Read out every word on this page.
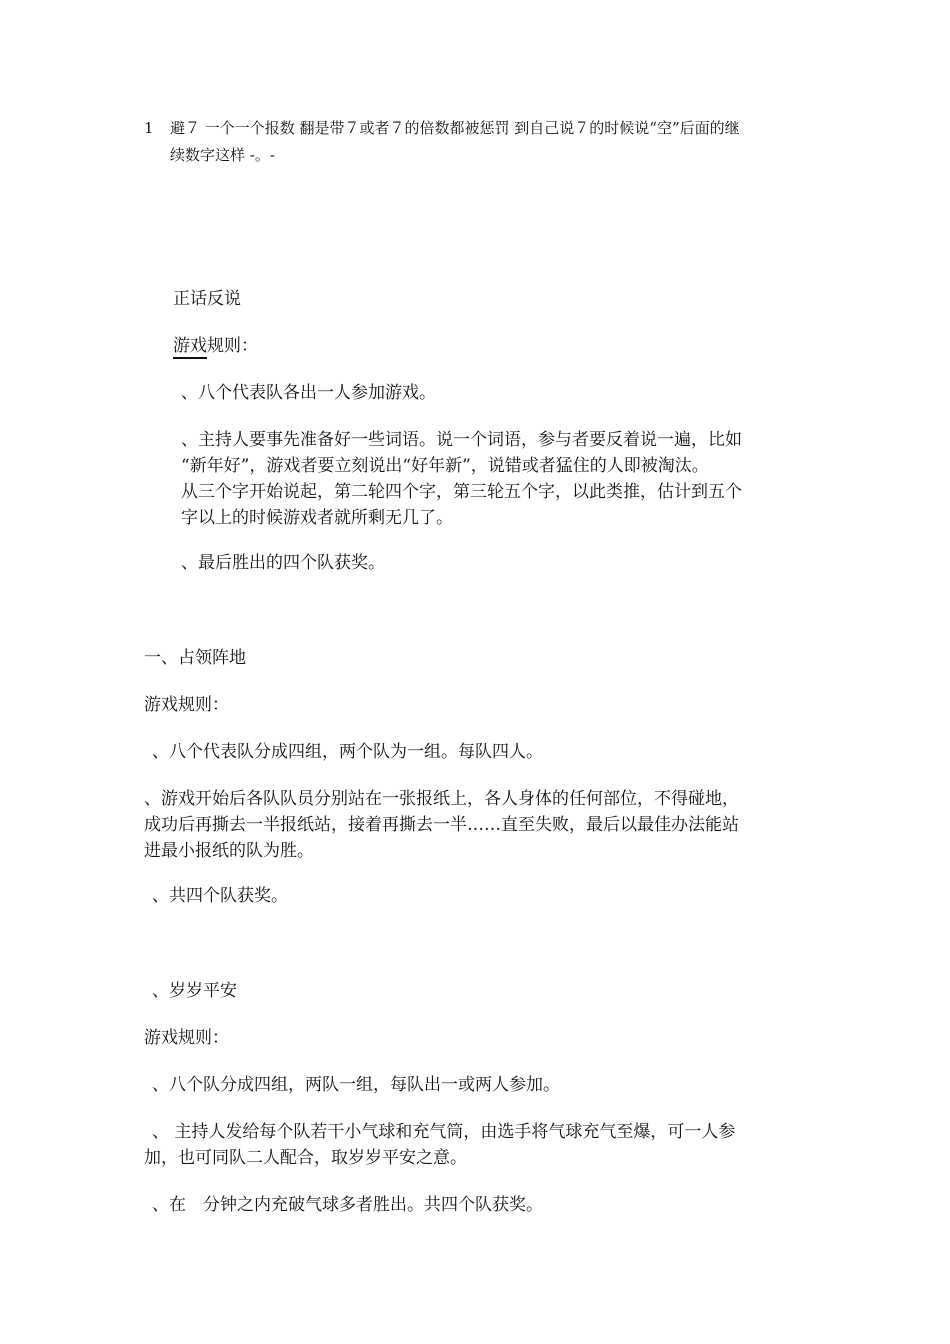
1 避７ 一个一个报数 翻是带７或者７的倍数都被惩罚 到自己说７的时候说“空”后面的继
续数字这样 -。-
正话反说
游戏规则：
、八个代表队各出一人参加游戏。
、主持人要事先准备好一些词语。说一个词语，参与者要反着说一遍，比如
“新年好”，游戏者要立刻说出“好年新”，说错或者猛住的人即被淘汰。
从三个字开始说起，第二轮四个字，第三轮五个字，以此类推，估计到五个
字以上的时候游戏者就所剩无几了。
、最后胜出的四个队获奖。
一、占领阵地
游戏规则：
、八个代表队分成四组，两个队为一组。每队四人。
、游戏开始后各队队员分别站在一张报纸上，各人身体的任何部位，不得碰地，
成功后再撕去一半报纸站，接着再撕去一半……直至失败，最后以最佳办法能站
进最小报纸的队为胜。
、共四个队获奖。
、岁岁平安
游戏规则：
、八个队分成四组，两队一组，每队出一或两人参加。
、 主持人发给每个队若干小气球和充气筒，由选手将气球充气至爆，可一人参
加，也可同队二人配合，取岁岁平安之意。
、在　分钟之内充破气球多者胜出。共四个队获奖。
